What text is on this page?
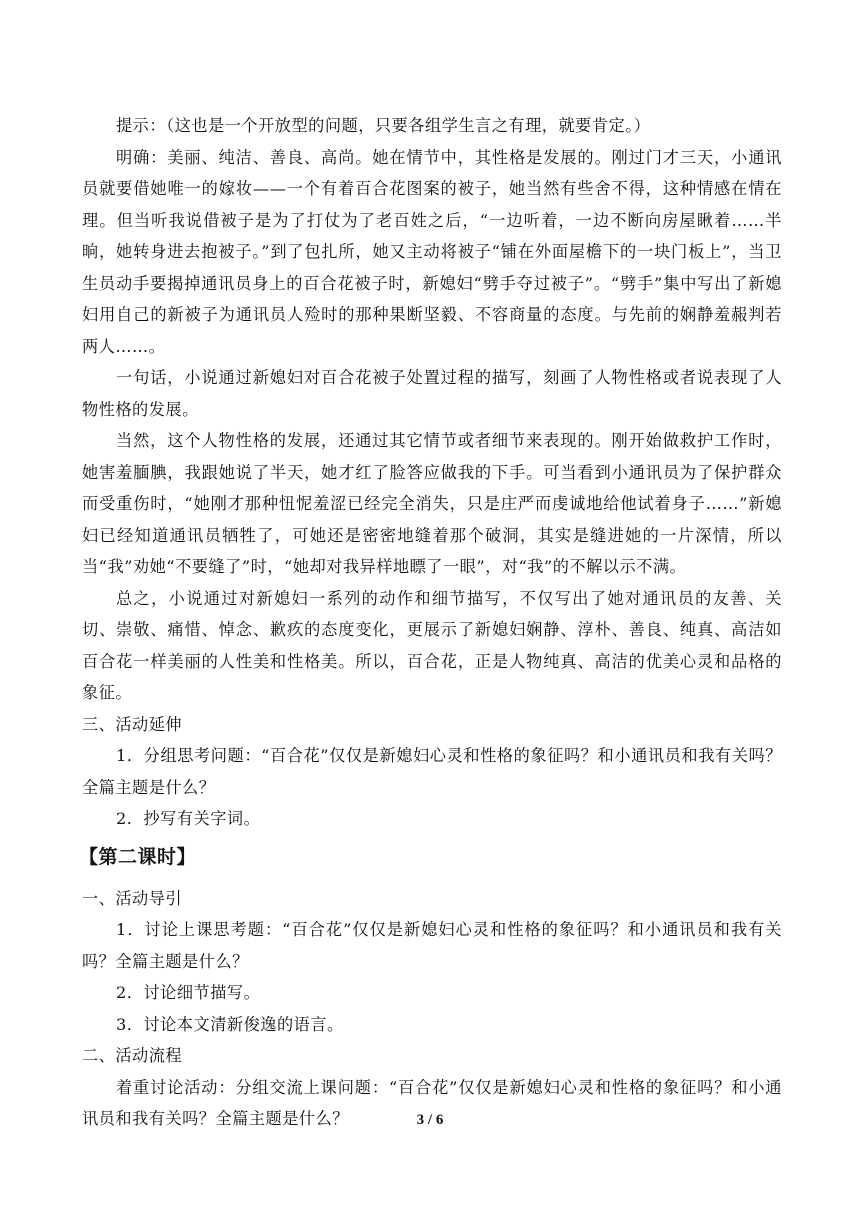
提示：（这也是一个开放型的问题，只要各组学生言之有理，就要肯定。）

明确：美丽、纯洁、善良、高尚。她在情节中，其性格是发展的。刚过门才三天，小通讯员就要借她唯一的嫁妆——一个有着百合花图案的被子，她当然有些舍不得，这种情感在情在理。但当听我说借被子是为了打仗为了老百姓之后，“一边听着，一边不断向房屋瞅着……半晌，她转身进去抱被子。”到了包扎所，她又主动将被子“铺在外面屋檐下的一块门板上”，当卫生员动手要揭掉通讯员身上的百合花被子时，新媳妇“劈手夺过被子”。“劈手”集中写出了新媳妇用自己的新被子为通讯员人殓时的那种果断坚毅、不容商量的态度。与先前的娴静羞赧判若两人……。

一句话，小说通过新媳妇对百合花被子处置过程的描写，刻画了人物性格或者说表现了人物性格的发展。

当然，这个人物性格的发展，还通过其它情节或者细节来表现的。刚开始做救护工作时，她害羞腼腆，我跟她说了半天，她才红了脸答应做我的下手。可当看到小通讯员为了保护群众而受重伤时，“她刚才那种忸怩羞涩已经完全消失，只是庄严而虔诚地给他试着身子……”新媳妇已经知道通讯员牺牲了，可她还是密密地缝着那个破洞，其实是缝进她的一片深情，所以当“我”劝她“不要缝了”时，“她却对我异样地瞟了一眼”，对“我”的不解以示不满。

总之，小说通过对新媳妇一系列的动作和细节描写，不仅写出了她对通讯员的友善、关切、崇敬、痛惜、悼念、歉疚的态度变化，更展示了新媳妇娴静、淳朴、善良、纯真、高洁如百合花一样美丽的人性美和性格美。所以，百合花，正是人物纯真、高洁的优美心灵和品格的象征。

三、活动延伸

1．分组思考问题：“百合花”仅仅是新媳妇心灵和性格的象征吗？和小通讯员和我有关吗？全篇主题是什么？

2．抄写有关字词。

【第二课时】

一、活动导引

1．讨论上课思考题：“百合花”仅仅是新媳妇心灵和性格的象征吗？和小通讯员和我有关吗？全篇主题是什么？

2．讨论细节描写。

3．讨论本文清新俊逸的语言。

二、活动流程

着重讨论活动：分组交流上课问题：“百合花”仅仅是新媳妇心灵和性格的象征吗？和小通讯员和我有关吗？全篇主题是什么？	3 / 6
